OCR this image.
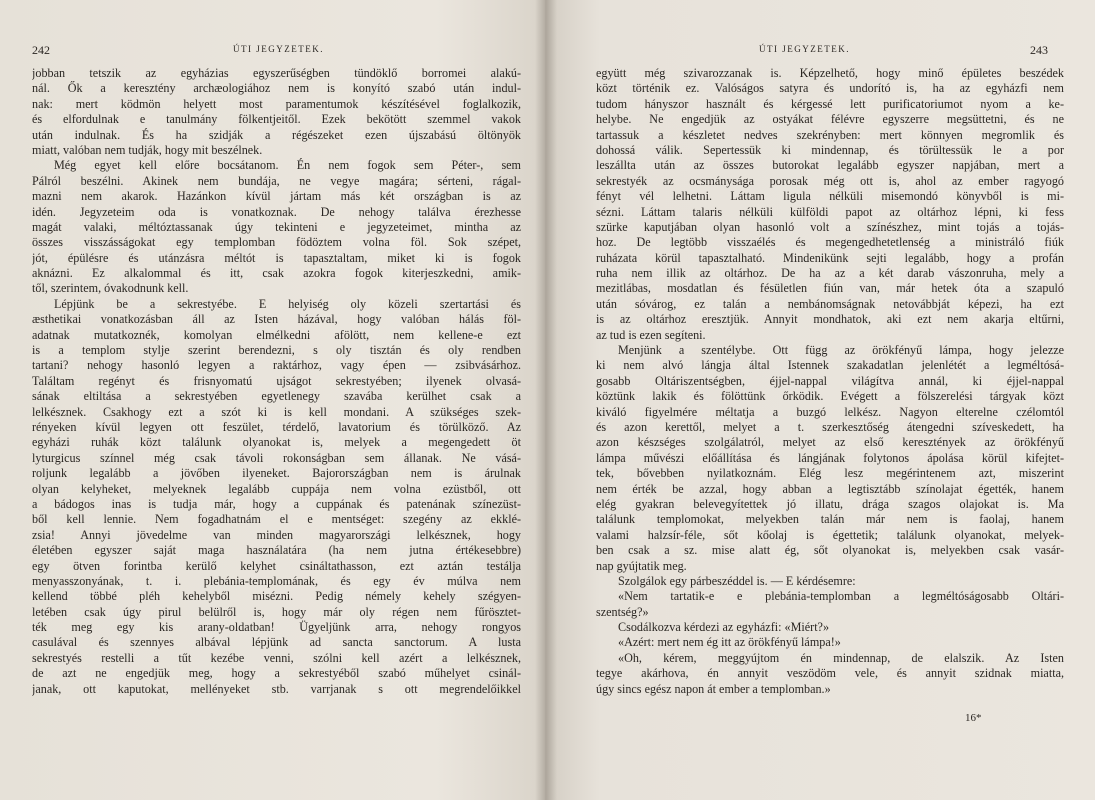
242	ÚTI JEGYZETEK.
jobban tetszik az egyházias egyszerűségben tündöklő borromei alakú-
nál. Ők a keresztény archæologiához nem is konyító szabó után indul-
nak: mert ködmön helyett most paramentumok készítésével foglalkozik,
és elfordulnak e tanulmány fölkentjeitől. Ezek bekötött szemmel vakok
után indulnak. És ha szidják a régészeket ezen újszabású öltönyök
miatt, valóban nem tudják, hogy mit beszélnek.
Még egyet kell előre bocsátanom. Én nem fogok sem Péter-, sem
Pálról beszélni. Akinek nem bundája, ne vegye magára; sérteni, rágal-
mazni nem akarok. Hazánkon kívül jártam más két országban is az
idén. Jegyzeteim oda is vonatkoznak. De nehogy találva érezhesse
magát valaki, méltóztassanak úgy tekinteni e jegyzeteimet, mintha az
összes visszásságokat egy templomban födöztem volna föl. Sok szépet,
jót, épülésre és utánzásra méltót is tapasztaltam, miket ki is fogok
aknázni. Ez alkalommal és itt, csak azokra fogok kiterjeszkedni, amik-
től, szerintem, óvakodnunk kell.
Lépjünk be a sekrestyébe. E helyiség oly közeli szertartási és
æsthetikai vonatkozásban áll az Isten házával, hogy valóban hálás föl-
adatnak mutatkoznék, komolyan elmélkedni afölött, nem kellene-e ezt
is a templom stylje szerint berendezni, s oly tisztán és oly rendben
tartani? nehogy hasonló legyen a raktárhoz, vagy épen — zsibvásárhoz.
Találtam regényt és frisnyomatú ujságot sekrestyében; ilyenek olvasá-
sának eltiltása a sekrestyében egyetlenegy szavába kerülhet csak a
lelkésznek. Csakhogy ezt a szót ki is kell mondani. A szükséges szek-
rényeken kívül legyen ott feszület, térdelő, lavatorium és törülköző. Az
egyházi ruhák közt találunk olyanokat is, melyek a megengedett öt
lyturgicus színnel még csak távoli rokonságban sem állanak. Ne vásá-
roljunk legalább a jövőben ilyeneket. Bajorországban nem is árulnak
olyan kelyheket, melyeknek legalább cuppája nem volna ezüstből, ott
a bádogos inas is tudja már, hogy a cuppának és patenának színezüst-
ből kell lennie. Nem fogadhatnám el e mentséget: szegény az ekklé-
zsia! Annyi jövedelme van minden magyarországi lelkésznek, hogy
életében egyszer saját maga használatára (ha nem jutna értékesebbre)
egy ötven forintba kerülő kelyhet csináltathasson, ezt aztán testálja
menyasszonyának, t. i. plebánia-templomának, és egy év múlva nem
kellend többé pléh kehelyből misézni. Pedig némely kehely szégyen-
letében csak úgy pirul belülről is, hogy már oly régen nem fűrösztet-
ték meg egy kis arany-oldatban! Ügyeljünk arra, nehogy rongyos
casulával és szennyes albával lépjünk ad sancta sanctorum. A lusta
sekrestyés restelli a tűt kezébe venni, szólni kell azért a lelkésznek,
de azt ne engedjük meg, hogy a sekrestyéből szabó műhelyet csinál-
janak, ott kaputokat, mellényeket stb. varrjanak s ott megrendelőikkel
ÚTI JEGYZETEK.	243
együtt még szivarozzanak is. Képzelhető, hogy minő épületes beszédek
közt történik ez. Valóságos satyra és undorító is, ha az egyházfi nem
tudom hányszor használt és kérgessé lett purificatoriumot nyom a ke-
helybe. Ne engedjük az ostyákat félévre egyszerre megsüttetni, és ne
tartassuk a készletet nedves szekrényben: mert könnyen megromlik és
dohossá válik. Sepertessük ki mindennap, és törültessük le a por
leszállta után az összes butorokat legalább egyszer napjában, mert a
sekrestyék az ocsmánysága porosak még ott is, ahol az ember ragyogó
fényt vél lelhetni. Láttam ligula nélküli misemondó könyvből is mi-
sézni. Láttam talaris nélküli külföldi papot az oltárhoz lépni, ki fess
szürke kaputjában olyan hasonló volt a színészhez, mint tojás a tojás-
hoz. De legtöbb visszaélés és megengedhetetlenség a ministráló fiúk
ruházata körül tapasztalható. Mindenikünk sejti legalább, hogy a profán
ruha nem illik az oltárhoz. De ha az a két darab vászonruha, mely a
mezitlábas, mosdatlan és fésületlen fiún van, már hetek óta a szapuló
után sóvárog, ez talán a nembánomságnak netovábbját képezi, ha ezt
is az oltárhoz eresztjük. Annyit mondhatok, aki ezt nem akarja eltűrni,
az tud is ezen segíteni.
Menjünk a szentélybe. Ott függ az örökfényű lámpa, hogy jelezze
ki nem alvó lángja által Istennek szakadatlan jelenlétét a legméltósá-
gosabb Oltáriszentségben, éjjel-nappal világítva annál, ki éjjel-nappal
köztünk lakik és fölöttünk őrködik. Evégett a fölszerelési tárgyak közt
kiváló figyelmére méltatja a buzgó lelkész. Nagyon elterelne czélomtól
és azon kerettől, melyet a t. szerkesztőség átengedni szíveskedett, ha
azon készséges szolgálatról, melyet az első keresztények az örökfényű
lámpa művészi előállítása és lángjának folytonos ápolása körül kifejtet-
tek, bővebben nyilatkoznám. Elég lesz megérintenem azt, miszerint
nem érték be azzal, hogy abban a legtisztább színolajat égették, hanem
elég gyakran belevegyítettek jó illatu, drága szagos olajokat is. Ma
találunk templomokat, melyekben talán már nem is faolaj, hanem
valami halzsír-féle, sőt kőolaj is égettetik; találunk olyanokat, melyek-
ben csak a sz. mise alatt ég, sőt olyanokat is, melyekben csak vasár-
nap gyújtatik meg.
Szolgálok egy párbeszéddel is. — E kérdésemre:
«Nem tartatik-e e plebánia-templomban a legméltóságosabb Oltári-
szentség?»
Csodálkozva kérdezi az egyházfi: «Miért?»
«Azért: mert nem ég itt az örökfényű lámpa!»
«Oh, kérem, meggyújtom én mindennap, de elalszik. Az Isten
tegye akárhova, én annyit veszödöm vele, és annyit szidnak miatta,
úgy sincs egész napon át ember a templomban.»
16*
